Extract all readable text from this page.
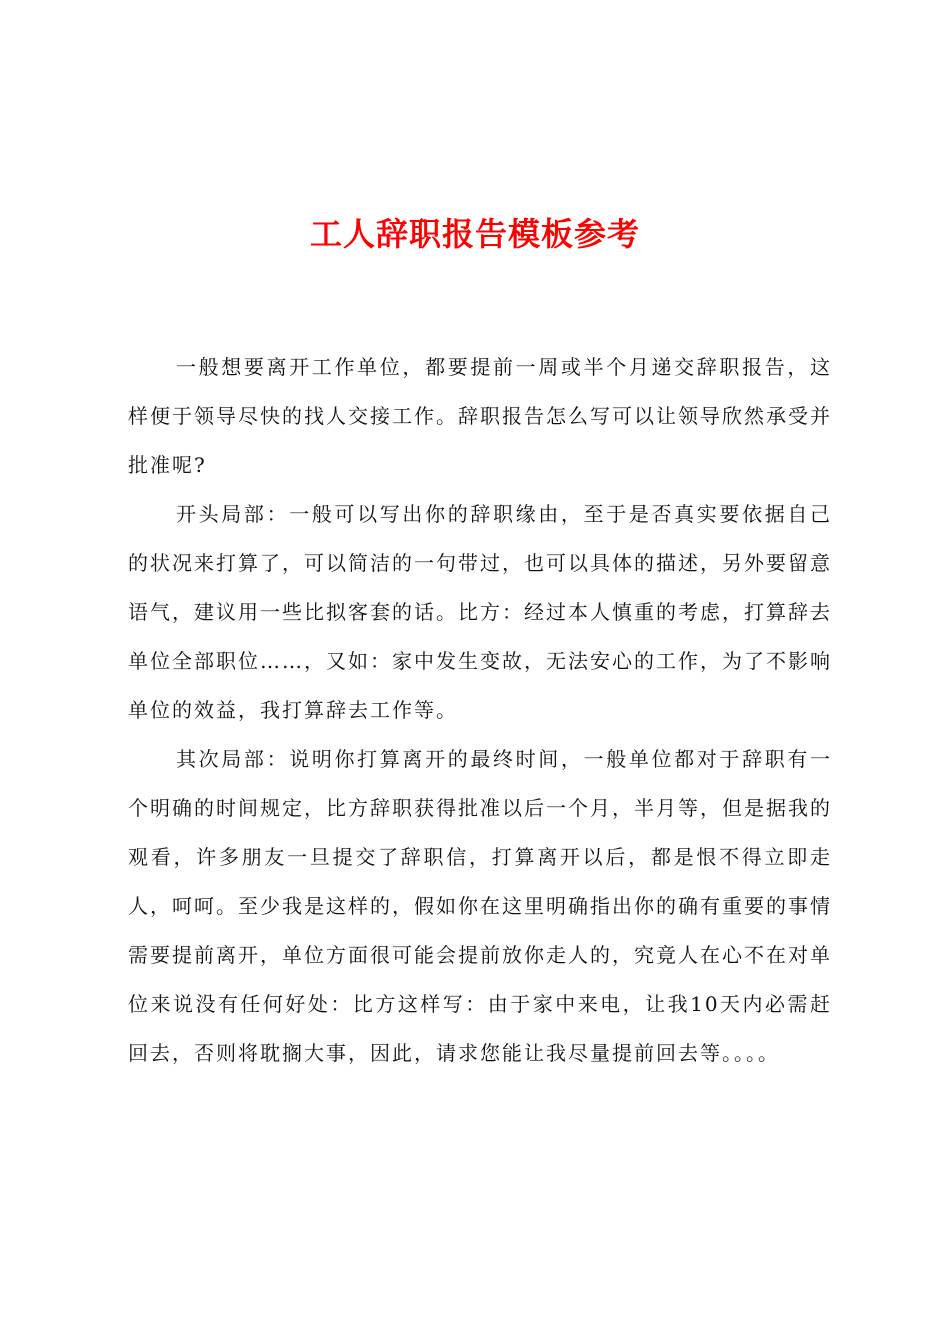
工人辞职报告模板参考

一般想要离开工作单位，都要提前一周或半个月递交辞职报告，这样便于领导尽快的找人交接工作。辞职报告怎么写可以让领导欣然承受并批准呢?

开头局部：一般可以写出你的辞职缘由，至于是否真实要依据自己的状况来打算了，可以简洁的一句带过，也可以具体的描述，另外要留意语气，建议用一些比拟客套的话。比方：经过本人慎重的考虑，打算辞去单位全部职位……，又如：家中发生变故，无法安心的工作，为了不影响单位的效益，我打算辞去工作等。

其次局部：说明你打算离开的最终时间，一般单位都对于辞职有一个明确的时间规定，比方辞职获得批准以后一个月，半月等，但是据我的观看，许多朋友一旦提交了辞职信，打算离开以后，都是恨不得立即走人，呵呵。至少我是这样的，假如你在这里明确指出你的确有重要的事情需要提前离开，单位方面很可能会提前放你走人的，究竟人在心不在对单位来说没有任何好处：比方这样写：由于家中来电，让我10天内必需赶回去，否则将耽搁大事，因此，请求您能让我尽量提前回去等。。。。
